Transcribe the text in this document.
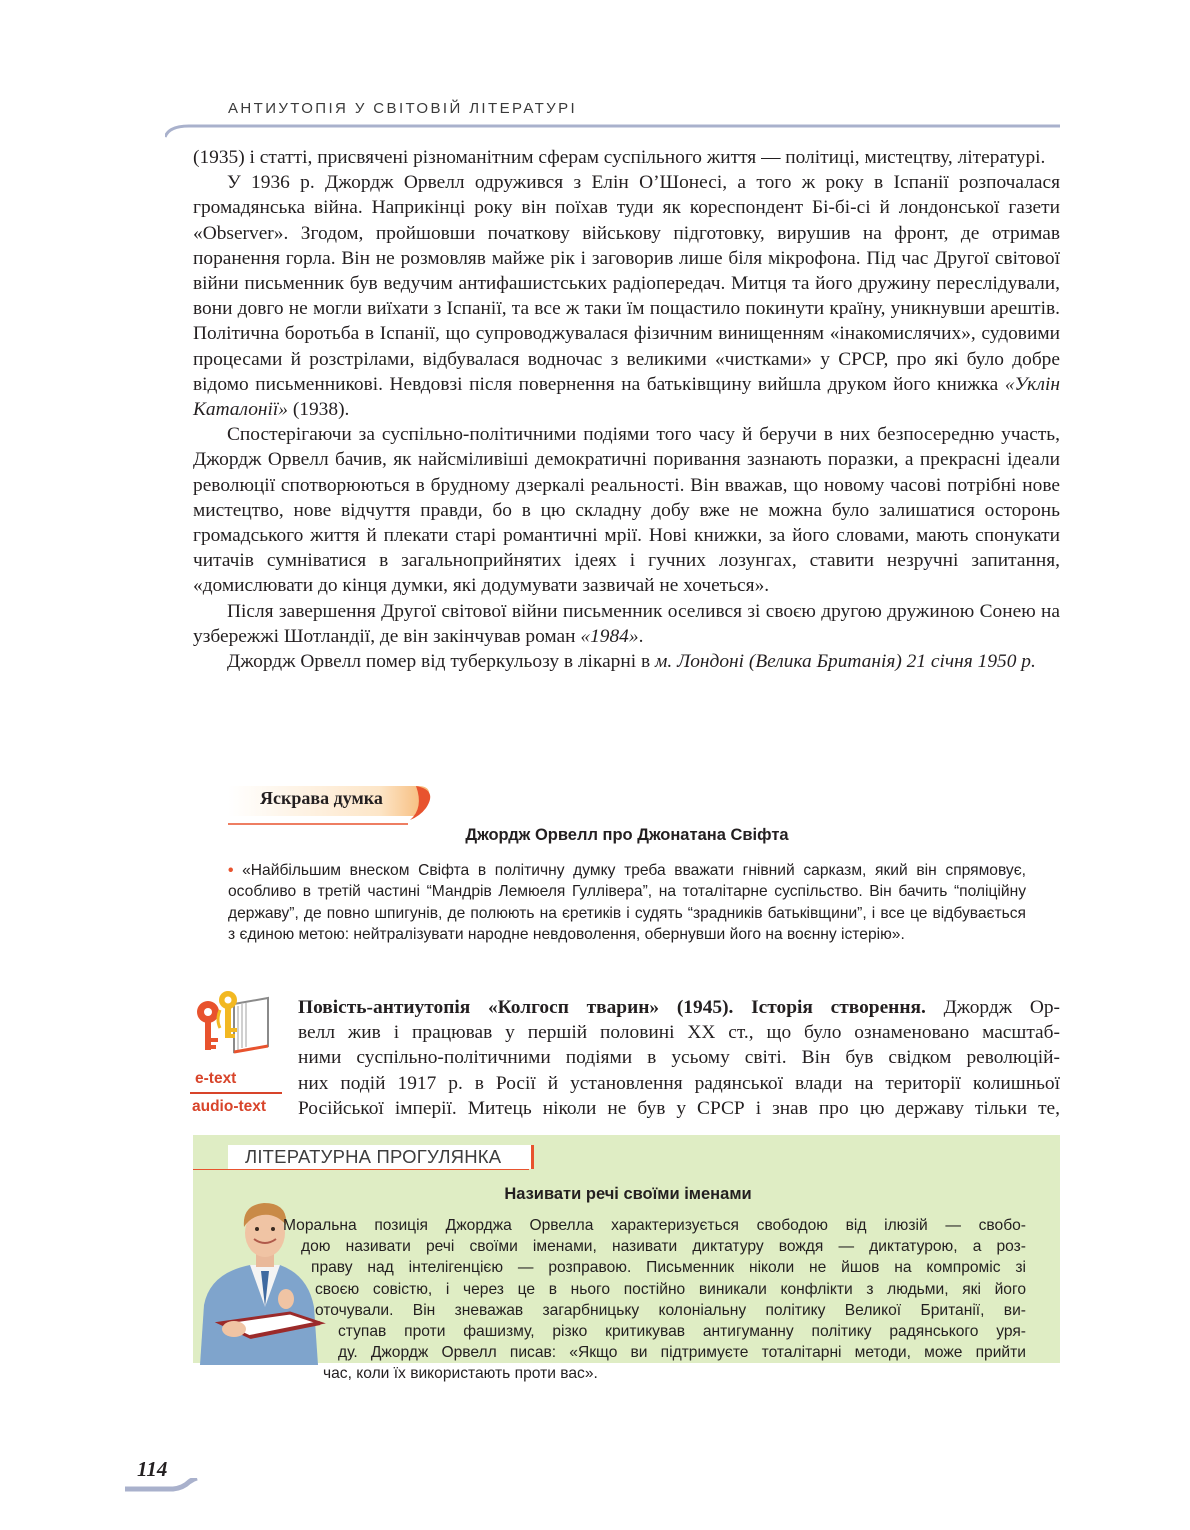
АНТИУТОПІЯ У СВІТОВІЙ ЛІТЕРАТУРІ

(1935) і статті, присвячені різноманітним сферам суспільного життя — політиці, мистецтву, літературі.

У 1936 р. Джордж Орвелл одружився з Елін О’Шонесі, а того ж року в Іспанії розпочалася громадянська війна. Наприкінці року він поїхав туди як кореспондент Бі-бі-сі й лондонської газети «Observer». Згодом, пройшовши початкову військову підготовку, вирушив на фронт, де отримав поранення горла. Він не розмовляв майже рік і заговорив лише біля мікрофона. Під час Другої світової війни письменник був ведучим антифашистських радіопередач. Митця та його дружину переслідували, вони довго не могли виїхати з Іспанії, та все ж таки їм пощастило покинути країну, уникнувши арештів. Політична боротьба в Іспанії, що супроводжувалася фізичним винищенням «інакомислячих», судовими процесами й розстрілами, відбувалася водночас з великими «чистками» у СРСР, про які було добре відомо письменникові. Невдовзі після повернення на батьківщину вийшла друком його книжка «Уклін Каталонії» (1938).

Спостерігаючи за суспільно-політичними подіями того часу й беручи в них безпосередню участь, Джордж Орвелл бачив, як найсміливіші демократичні поривання зазнають поразки, а прекрасні ідеали революції спотворюються в брудному дзеркалі реальності. Він вважав, що новому часові потрібні нове мистецтво, нове відчуття правди, бо в цю складну добу вже не можна було залишатися осторонь громадського життя й плекати старі романтичні мрії. Нові книжки, за його словами, мають спонукати читачів сумніватися в загальноприйнятих ідеях і гучних лозунгах, ставити незручні запитання, «домислювати до кінця думки, які додумувати зазвичай не хочеться».

Після завершення Другої світової війни письменник оселився зі своєю другою дружиною Сонею на узбережжі Шотландії, де він закінчував роман «1984».

Джордж Орвелл помер від туберкульозу в лікарні в м. Лондоні (Велика Британія) 21 січня 1950 р.

Яскрава думка
Джордж Орвелл про Джонатана Свіфта

• «Найбільшим внеском Свіфта в політичну думку треба вважати гнівний сарказм, який він спрямовує, особливо в третій частині “Мандрів Лемюеля Гуллівера”, на тоталітарне суспільство. Він бачить “поліційну державу”, де повно шпигунів, де полюють на єретиків і судять “зрадників батьківщини”, і все це відбувається з єдиною метою: нейтралізувати народне невдоволення, обернувши його на воєнну істерію».

e-text
audio-text
Повість-антиутопія «Колгосп тварин» (1945). Історія створення. Джордж Ор-
велл жив і працював у першій половині ХХ ст., що було ознаменовано масштаб-
ними суспільно-політичними подіями в усьому світі. Він був свідком революцій-
них подій 1917 р. в Росії й установлення радянської влади на території колишньої
Російської імперії. Митець ніколи не був у СРСР і знав про цю державу тільки те,
ЛІТЕРАТУРНА ПРОГУЛЯНКА
Називати речі своїми іменами
Моральна позиція Джорджа Орвелла характеризується свободою від ілюзій — свобо-
дою називати речі своїми іменами, називати диктатуру вождя — диктатурою, а роз-
праву над інтелігенцією — розправою. Письменник ніколи не йшов на компроміс зі
своєю совістю, і через це в нього постійно виникали конфлікти з людьми, які його
оточували. Він зневажав загарбницьку колоніальну політику Великої Британії, ви-
ступав проти фашизму, різко критикував антигуманну політику радянського уря-
ду. Джордж Орвелл писав: «Якщо ви підтримуєте тоталітарні методи, може прийти
час, коли їх використають проти вас».
114
